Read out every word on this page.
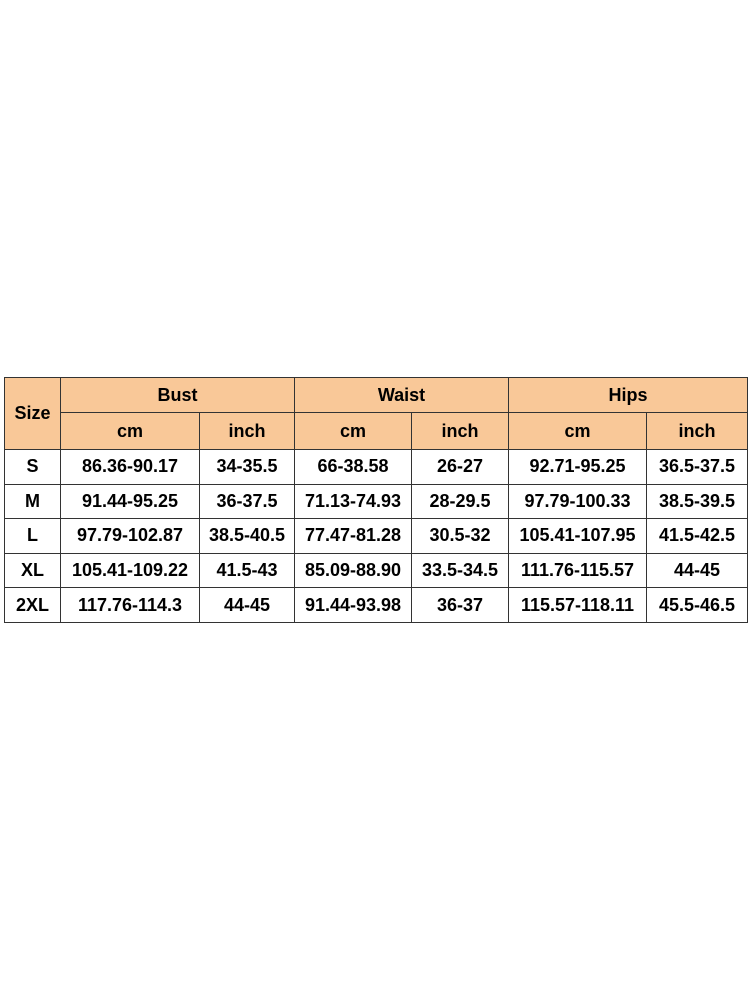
Size	Bust		Waist		Hips	
	cm	inch	cm	inch	cm	inch
S	86.36-90.17	34-35.5	66-38.58	26-27	92.71-95.25	36.5-37.5
M	91.44-95.25	36-37.5	71.13-74.93	28-29.5	97.79-100.33	38.5-39.5
L	97.79-102.87	38.5-40.5	77.47-81.28	30.5-32	105.41-107.95	41.5-42.5
XL	105.41-109.22	41.5-43	85.09-88.90	33.5-34.5	111.76-115.57	44-45
2XL	117.76-114.3	44-45	91.44-93.98	36-37	115.57-118.11	45.5-46.5
